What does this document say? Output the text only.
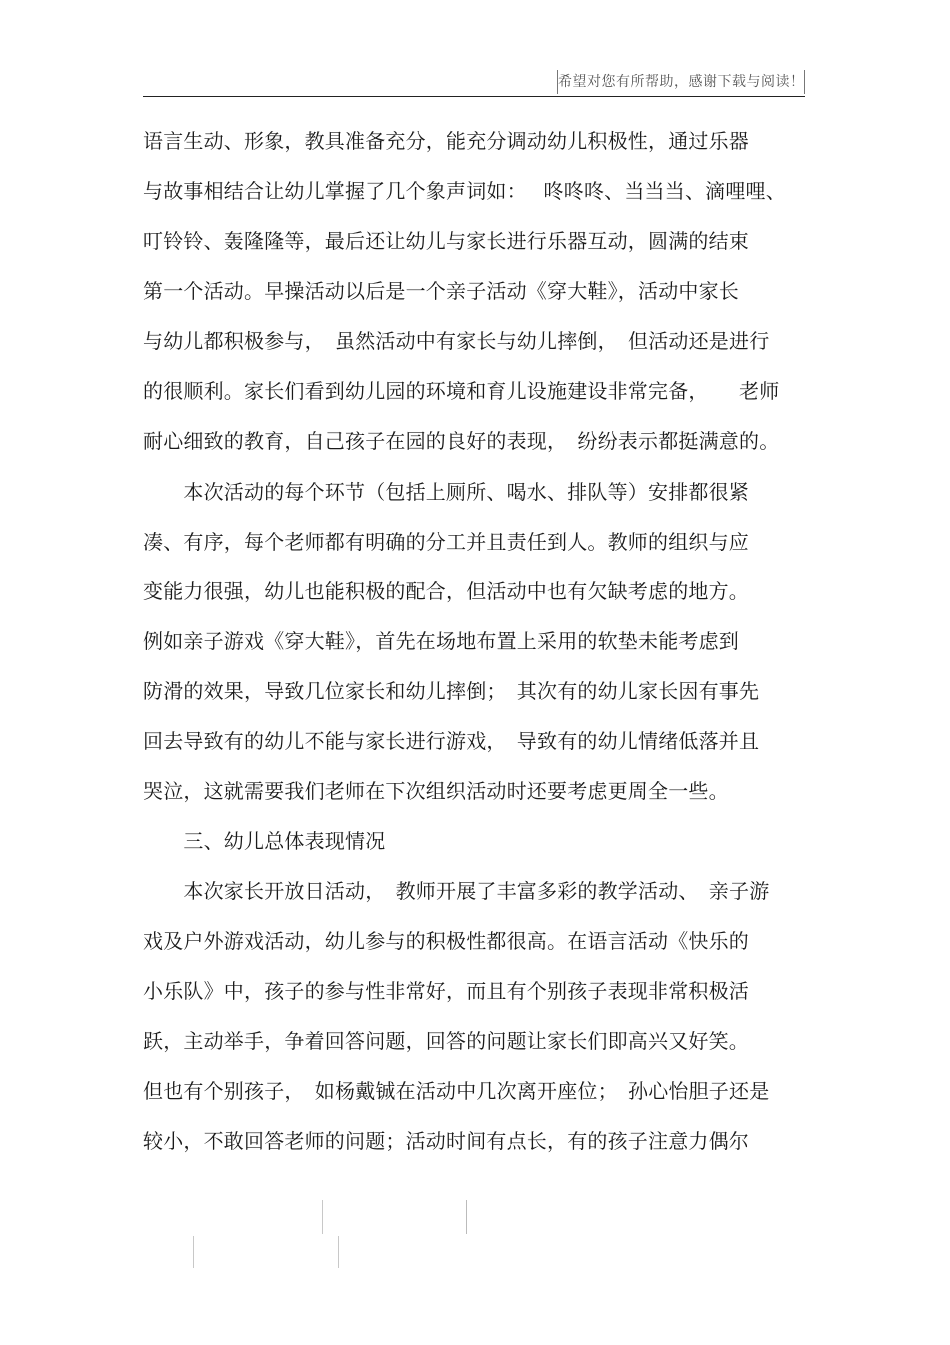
希望对您有所帮助，感谢下载与阅读！
语言生动、形象，教具准备充分，能充分调动幼儿积极性，通过乐器
与故事相结合让幼儿掌握了几个象声词如：　 咚咚咚、当当当、滴哩哩、
叮铃铃、轰隆隆等，最后还让幼儿与家长进行乐器互动，圆满的结束
第一个活动。早操活动以后是一个亲子活动《穿大鞋》，活动中家长
与幼儿都积极参与，　虽然活动中有家长与幼儿摔倒，　但活动还是进行
的很顺利。家长们看到幼儿园的环境和育儿设施建设非常完备，　　老师
耐心细致的教育，自己孩子在园的良好的表现，　纷纷表示都挺满意的。
　　本次活动的每个环节（包括上厕所、喝水、排队等）安排都很紧
凑、有序，每个老师都有明确的分工并且责任到人。教师的组织与应
变能力很强，幼儿也能积极的配合，但活动中也有欠缺考虑的地方。
例如亲子游戏《穿大鞋》，首先在场地布置上采用的软垫未能考虑到
防滑的效果，导致几位家长和幼儿摔倒；　其次有的幼儿家长因有事先
回去导致有的幼儿不能与家长进行游戏，　导致有的幼儿情绪低落并且
哭泣，这就需要我们老师在下次组织活动时还要考虑更周全一些。
　　三、幼儿总体表现情况
　　本次家长开放日活动，　教师开展了丰富多彩的教学活动、　亲子游
戏及户外游戏活动，幼儿参与的积极性都很高。在语言活动《快乐的
小乐队》中，孩子的参与性非常好，而且有个别孩子表现非常积极活
跃，主动举手，争着回答问题，回答的问题让家长们即高兴又好笑。
但也有个别孩子，　如杨戴铖在活动中几次离开座位；　孙心怡胆子还是
较小，不敢回答老师的问题；活动时间有点长，有的孩子注意力偶尔
